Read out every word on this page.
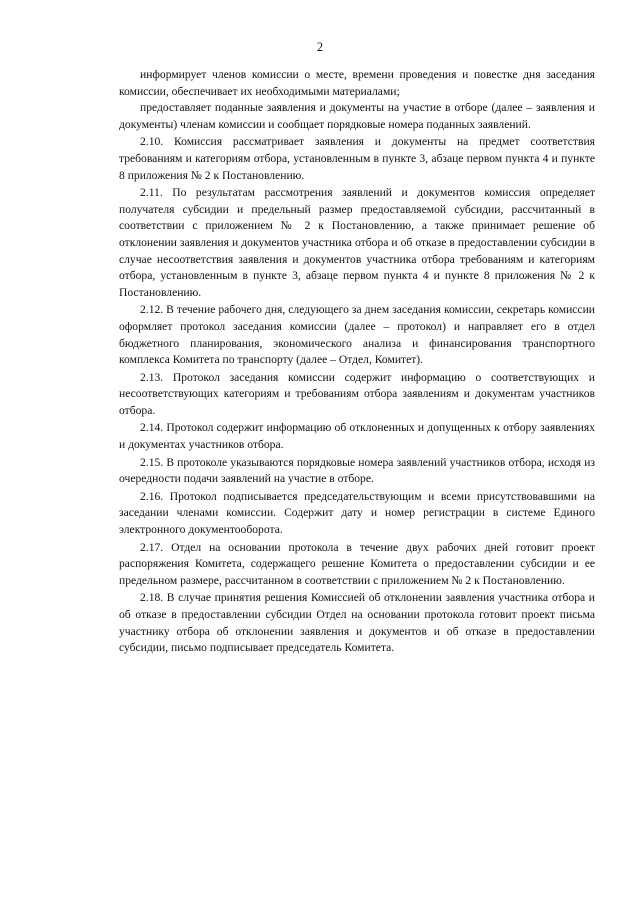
2

информирует членов комиссии о месте, времени проведения и повестке дня заседания комиссии, обеспечивает их необходимыми материалами;

предоставляет поданные заявления и документы на участие в отборе (далее – заявления и документы) членам комиссии и сообщает порядковые номера поданных заявлений.

2.10. Комиссия рассматривает заявления и документы на предмет соответствия требованиям и категориям отбора, установленным в пункте 3, абзаце первом пункта 4 и пункте 8 приложения № 2 к Постановлению.

2.11. По результатам рассмотрения заявлений и документов комиссия определяет получателя субсидии и предельный размер предоставляемой субсидии, рассчитанный в соответствии с приложением № 2 к Постановлению, а также принимает решение об отклонении заявления и документов участника отбора и об отказе в предоставлении субсидии в случае несоответствия заявления и документов участника отбора требованиям и категориям отбора, установленным в пункте 3, абзаце первом пункта 4 и пункте 8 приложения № 2 к Постановлению.

2.12. В течение рабочего дня, следующего за днем заседания комиссии, секретарь комиссии оформляет протокол заседания комиссии (далее – протокол) и направляет его в отдел бюджетного планирования, экономического анализа и финансирования транспортного комплекса Комитета по транспорту (далее – Отдел, Комитет).

2.13. Протокол заседания комиссии содержит информацию о соответствующих и несоответствующих категориям и требованиям отбора заявлениям и документам участников отбора.

2.14. Протокол содержит информацию об отклоненных и допущенных к отбору заявлениях и документах участников отбора.

2.15. В протоколе указываются порядковые номера заявлений участников отбора, исходя из очередности подачи заявлений на участие в отборе.

2.16. Протокол подписывается председательствующим и всеми присутствовавшими на заседании членами комиссии. Содержит дату и номер регистрации в системе Единого электронного документооборота.

2.17. Отдел на основании протокола в течение двух рабочих дней готовит проект распоряжения Комитета, содержащего решение Комитета о предоставлении субсидии и ее предельном размере, рассчитанном в соответствии с приложением № 2 к Постановлению.

2.18. В случае принятия решения Комиссией об отклонении заявления участника отбора и об отказе в предоставлении субсидии Отдел на основании протокола готовит проект письма участнику отбора об отклонении заявления и документов и об отказе в предоставлении субсидии, письмо подписывает председатель Комитета.
